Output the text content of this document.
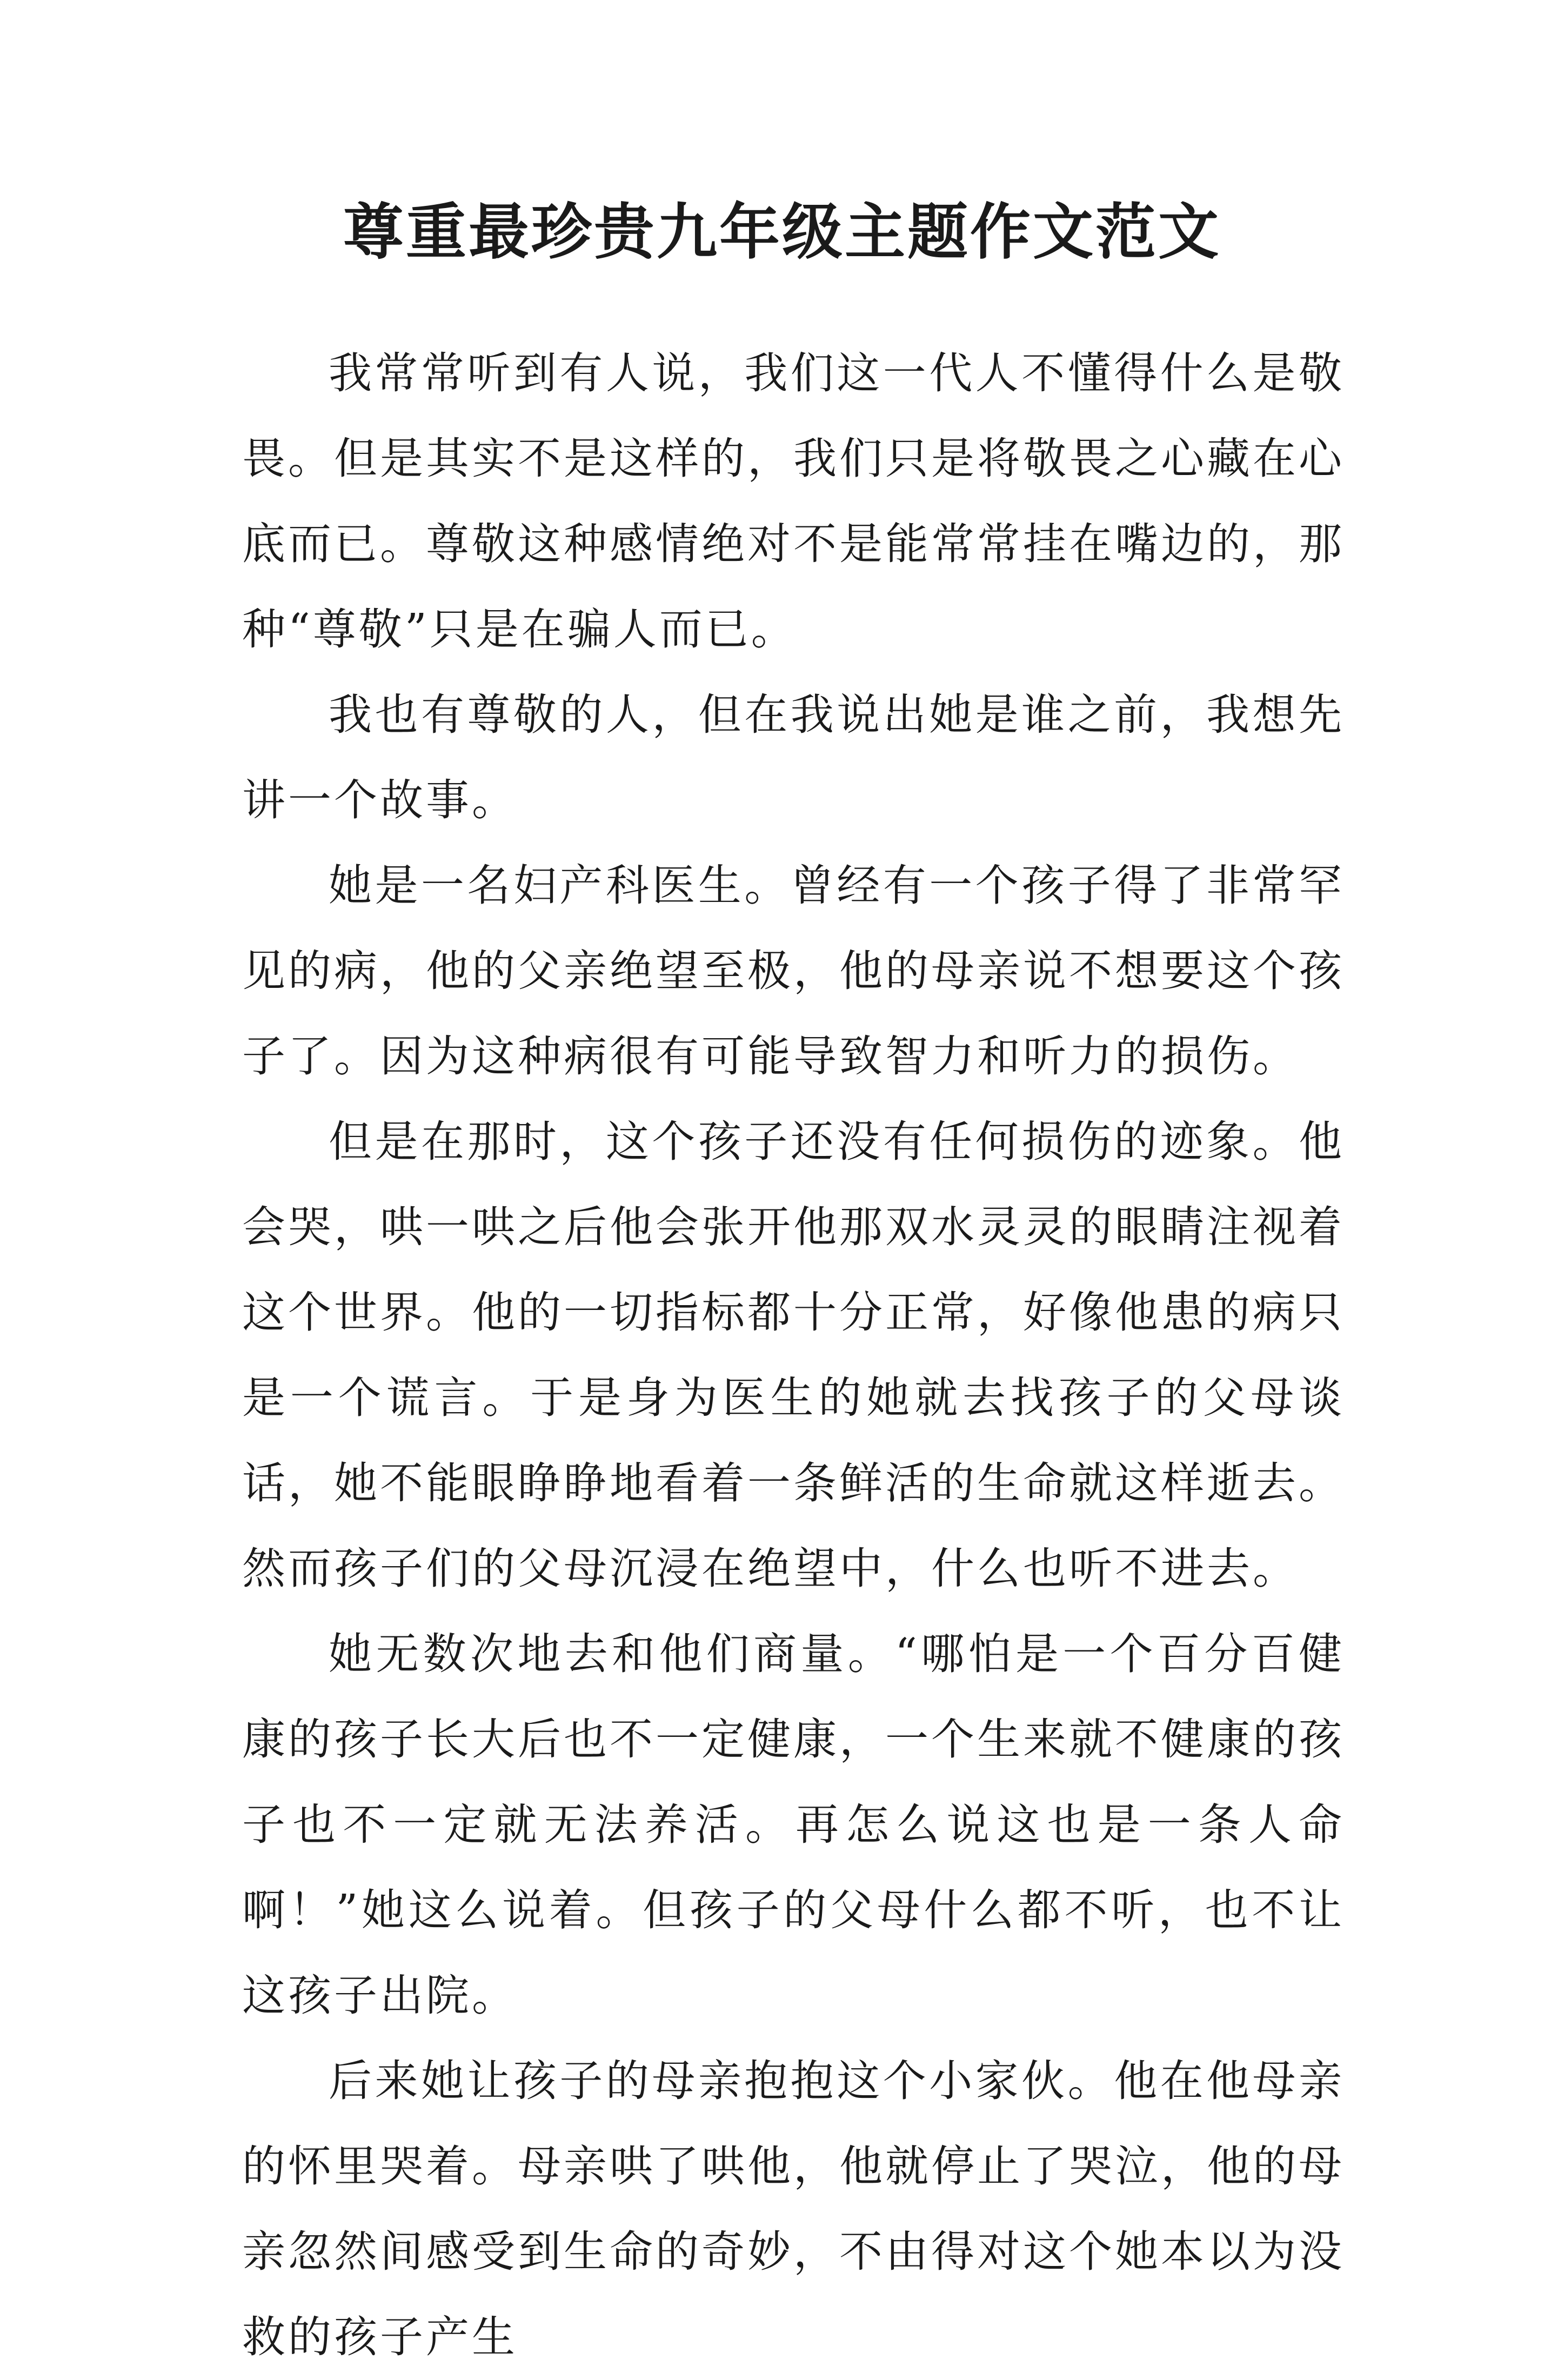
尊重最珍贵九年级主题作文范文

我常常听到有人说，我们这一代人不懂得什么是敬畏。但是其实不是这样的，我们只是将敬畏之心藏在心底而已。尊敬这种感情绝对不是能常常挂在嘴边的，那种“尊敬”只是在骗人而已。

我也有尊敬的人，但在我说出她是谁之前，我想先讲一个故事。

她是一名妇产科医生。曾经有一个孩子得了非常罕见的病，他的父亲绝望至极，他的母亲说不想要这个孩子了。因为这种病很有可能导致智力和听力的损伤。

但是在那时，这个孩子还没有任何损伤的迹象。他会哭，哄一哄之后他会张开他那双水灵灵的眼睛注视着这个世界。他的一切指标都十分正常，好像他患的病只是一个谎言。于是身为医生的她就去找孩子的父母谈话，她不能眼睁睁地看着一条鲜活的生命就这样逝去。然而孩子们的父母沉浸在绝望中，什么也听不进去。

她无数次地去和他们商量。“哪怕是一个百分百健康的孩子长大后也不一定健康，一个生来就不健康的孩子也不一定就无法养活。再怎么说这也是一条人命啊！”她这么说着。但孩子的父母什么都不听，也不让这孩子出院。

后来她让孩子的母亲抱抱这个小家伙。他在他母亲的怀里哭着。母亲哄了哄他，他就停止了哭泣，他的母亲忽然间感受到生命的奇妙，不由得对这个她本以为没救的孩子产生
